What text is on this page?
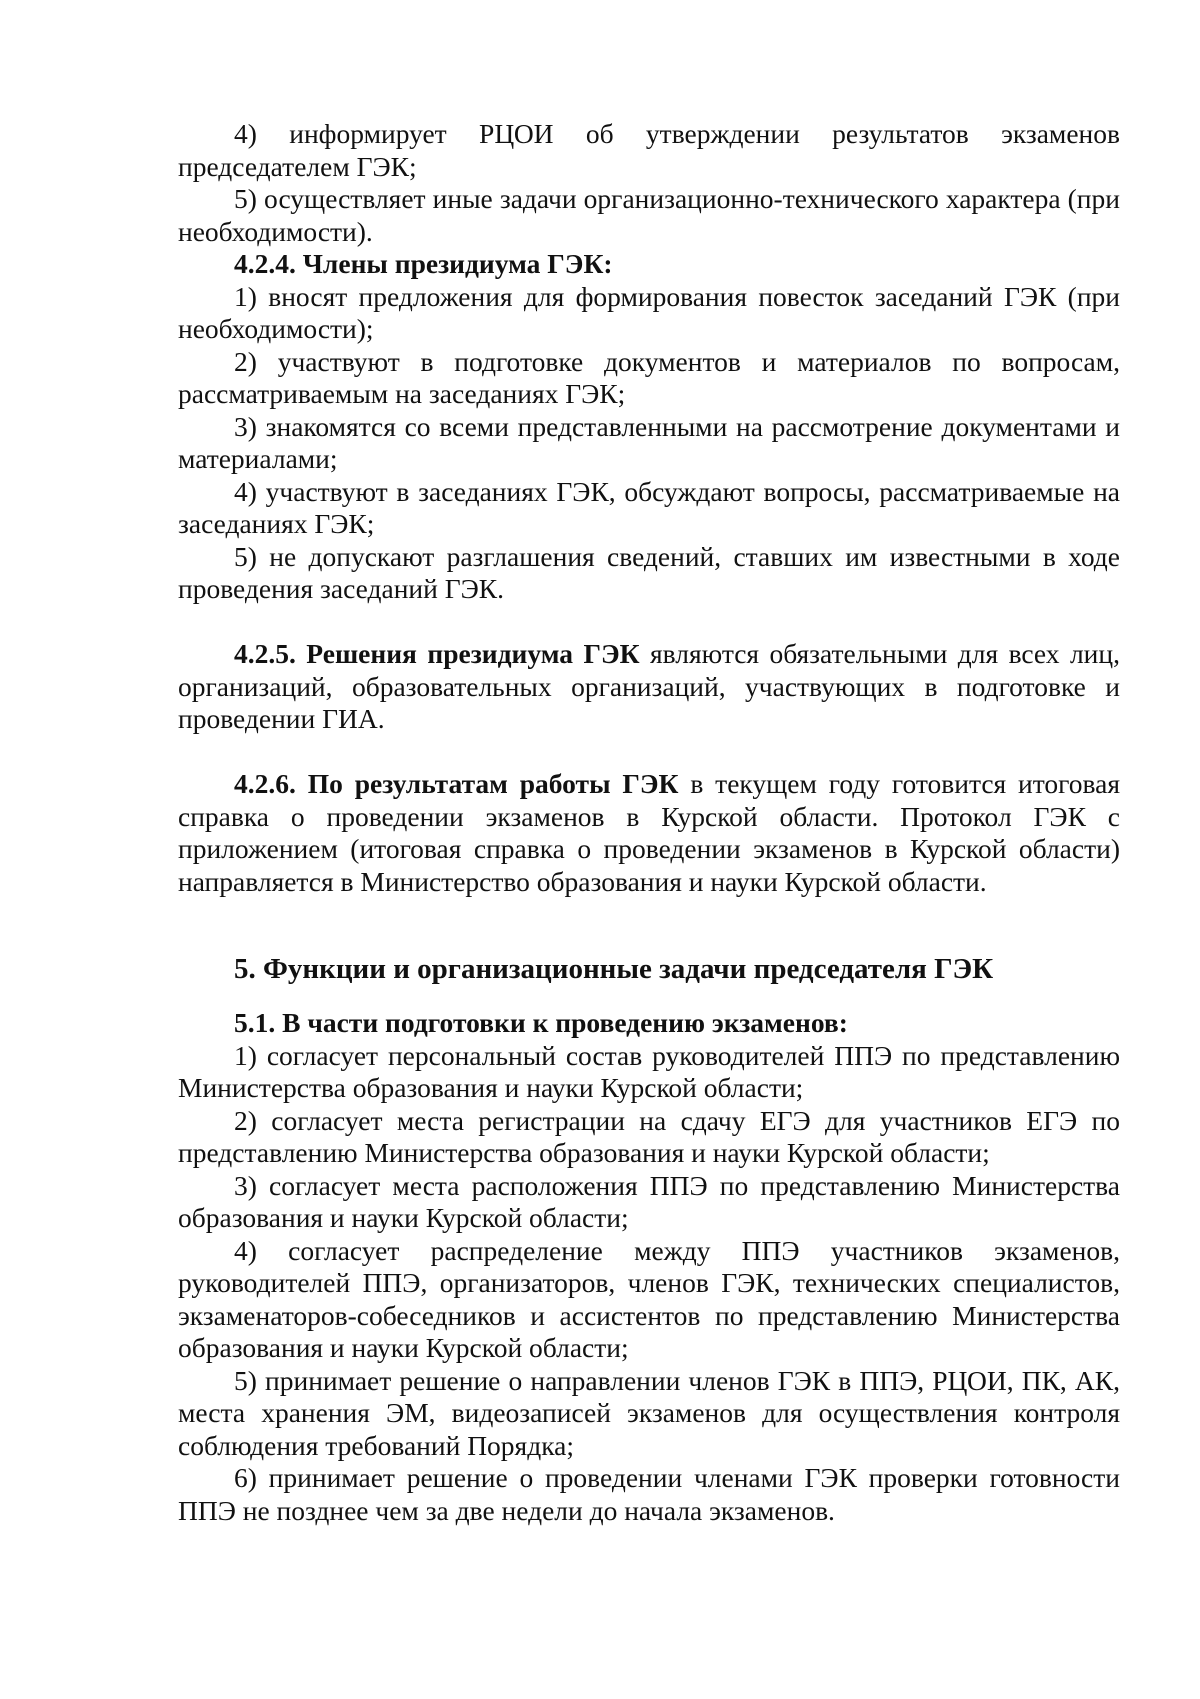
4) информирует РЦОИ об утверждении результатов экзаменов председателем ГЭК;

5) осуществляет иные задачи организационно-технического характера (при необходимости).

4.2.4. Члены президиума ГЭК:

1) вносят предложения для формирования повесток заседаний ГЭК (при необходимости);

2) участвуют в подготовке документов и материалов по вопросам, рассматриваемым на заседаниях ГЭК;

3) знакомятся со всеми представленными на рассмотрение документами и материалами;

4) участвуют в заседаниях ГЭК, обсуждают вопросы, рассматриваемые на заседаниях ГЭК;

5) не допускают разглашения сведений, ставших им известными в ходе проведения заседаний ГЭК.

4.2.5. Решения президиума ГЭК являются обязательными для всех лиц, организаций, образовательных организаций, участвующих в подготовке и проведении ГИА.

4.2.6. По результатам работы ГЭК в текущем году готовится итоговая справка о проведении экзаменов в Курской области. Протокол ГЭК с приложением (итоговая справка о проведении экзаменов в Курской области) направляется в Министерство образования и науки Курской области.

5. Функции и организационные задачи председателя ГЭК

5.1. В части подготовки к проведению экзаменов:

1) согласует персональный состав руководителей ППЭ по представлению Министерства образования и науки Курской области;

2) согласует места регистрации на сдачу ЕГЭ для участников ЕГЭ по представлению Министерства образования и науки Курской области;

3) согласует места расположения ППЭ по представлению Министерства образования и науки Курской области;

4) согласует распределение между ППЭ участников экзаменов, руководителей ППЭ, организаторов, членов ГЭК, технических специалистов, экзаменаторов-собеседников и ассистентов по представлению Министерства образования и науки Курской области;

5) принимает решение о направлении членов ГЭК в ППЭ, РЦОИ, ПК, АК, места хранения ЭМ, видеозаписей экзаменов для осуществления контроля соблюдения требований Порядка;

6) принимает решение о проведении членами ГЭК проверки готовности ППЭ не позднее чем за две недели до начала экзаменов.
